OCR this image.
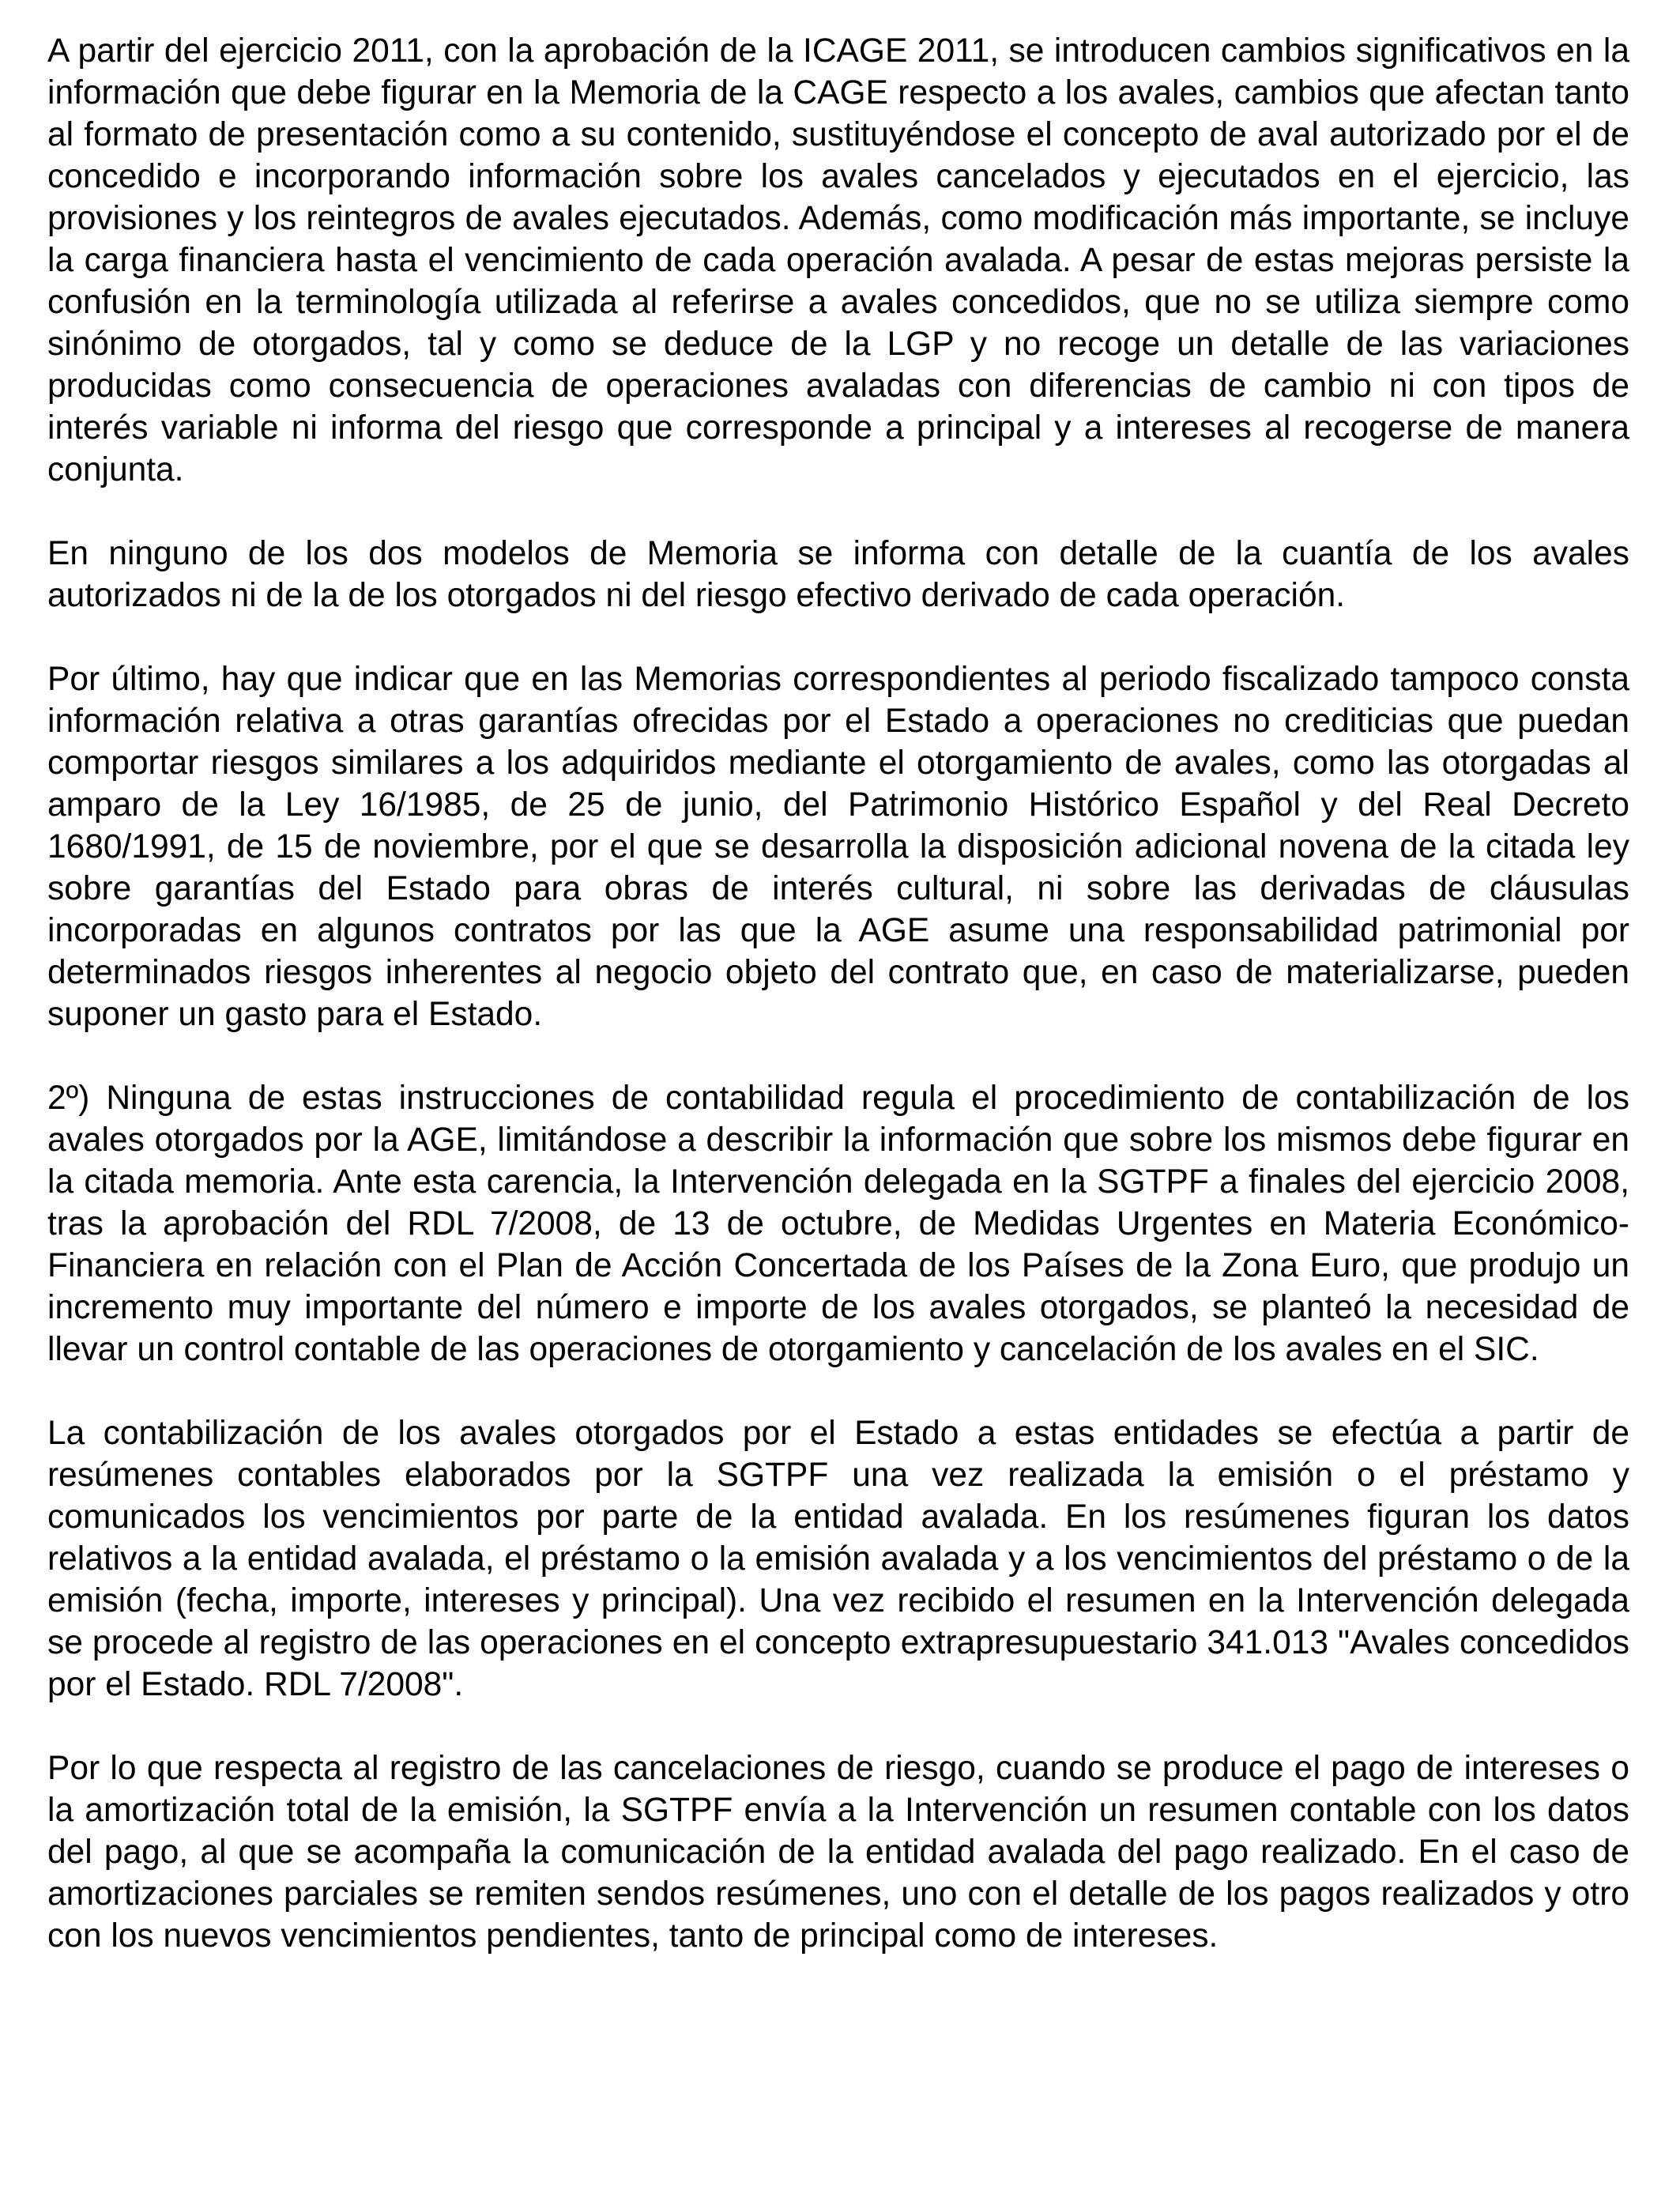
A partir del ejercicio 2011, con la aprobación de la ICAGE 2011, se introducen cambios significativos en la información que debe figurar en la Memoria de la CAGE respecto a los avales, cambios que afectan tanto al formato de presentación como a su contenido, sustituyéndose el concepto de aval autorizado por el de concedido e incorporando información sobre los avales cancelados y ejecutados en el ejercicio, las provisiones y los reintegros de avales ejecutados. Además, como modificación más importante, se incluye la carga financiera hasta el vencimiento de cada operación avalada. A pesar de estas mejoras persiste la confusión en la terminología utilizada al referirse a avales concedidos, que no se utiliza siempre como sinónimo de otorgados, tal y como se deduce de la LGP y no recoge un detalle de las variaciones producidas como consecuencia de operaciones avaladas con diferencias de cambio ni con tipos de interés variable ni informa del riesgo que corresponde a principal y a intereses al recogerse de manera conjunta.

En ninguno de los dos modelos de Memoria se informa con detalle de la cuantía de los avales autorizados ni de la de los otorgados ni del riesgo efectivo derivado de cada operación.

Por último, hay que indicar que en las Memorias correspondientes al periodo fiscalizado tampoco consta información relativa a otras garantías ofrecidas por el Estado a operaciones no crediticias que puedan comportar riesgos similares a los adquiridos mediante el otorgamiento de avales, como las otorgadas al amparo de la Ley 16/1985, de 25 de junio, del Patrimonio Histórico Español y del Real Decreto 1680/1991, de 15 de noviembre, por el que se desarrolla la disposición adicional novena de la citada ley sobre garantías del Estado para obras de interés cultural, ni sobre las derivadas de cláusulas incorporadas en algunos contratos por las que la AGE asume una responsabilidad patrimonial por determinados riesgos inherentes al negocio objeto del contrato que, en caso de materializarse, pueden suponer un gasto para el Estado.

2º) Ninguna de estas instrucciones de contabilidad regula el procedimiento de contabilización de los avales otorgados por la AGE, limitándose a describir la información que sobre los mismos debe figurar en la citada memoria. Ante esta carencia, la Intervención delegada en la SGTPF a finales del ejercicio 2008, tras la aprobación del RDL 7/2008, de 13 de octubre, de Medidas Urgentes en Materia Económico-Financiera en relación con el Plan de Acción Concertada de los Países de la Zona Euro, que produjo un incremento muy importante del número e importe de los avales otorgados, se planteó la necesidad de llevar un control contable de las operaciones de otorgamiento y cancelación de los avales en el SIC.

La contabilización de los avales otorgados por el Estado a estas entidades se efectúa a partir de resúmenes contables elaborados por la SGTPF una vez realizada la emisión o el préstamo y comunicados los vencimientos por parte de la entidad avalada. En los resúmenes figuran los datos relativos a la entidad avalada, el préstamo o la emisión avalada y a los vencimientos del préstamo o de la emisión (fecha, importe, intereses y principal). Una vez recibido el resumen en la Intervención delegada se procede al registro de las operaciones en el concepto extrapresupuestario 341.013 "Avales concedidos por el Estado. RDL 7/2008".

Por lo que respecta al registro de las cancelaciones de riesgo, cuando se produce el pago de intereses o la amortización total de la emisión, la SGTPF envía a la Intervención un resumen contable con los datos del pago, al que se acompaña la comunicación de la entidad avalada del pago realizado. En el caso de amortizaciones parciales se remiten sendos resúmenes, uno con el detalle de los pagos realizados y otro con los nuevos vencimientos pendientes, tanto de principal como de intereses.
